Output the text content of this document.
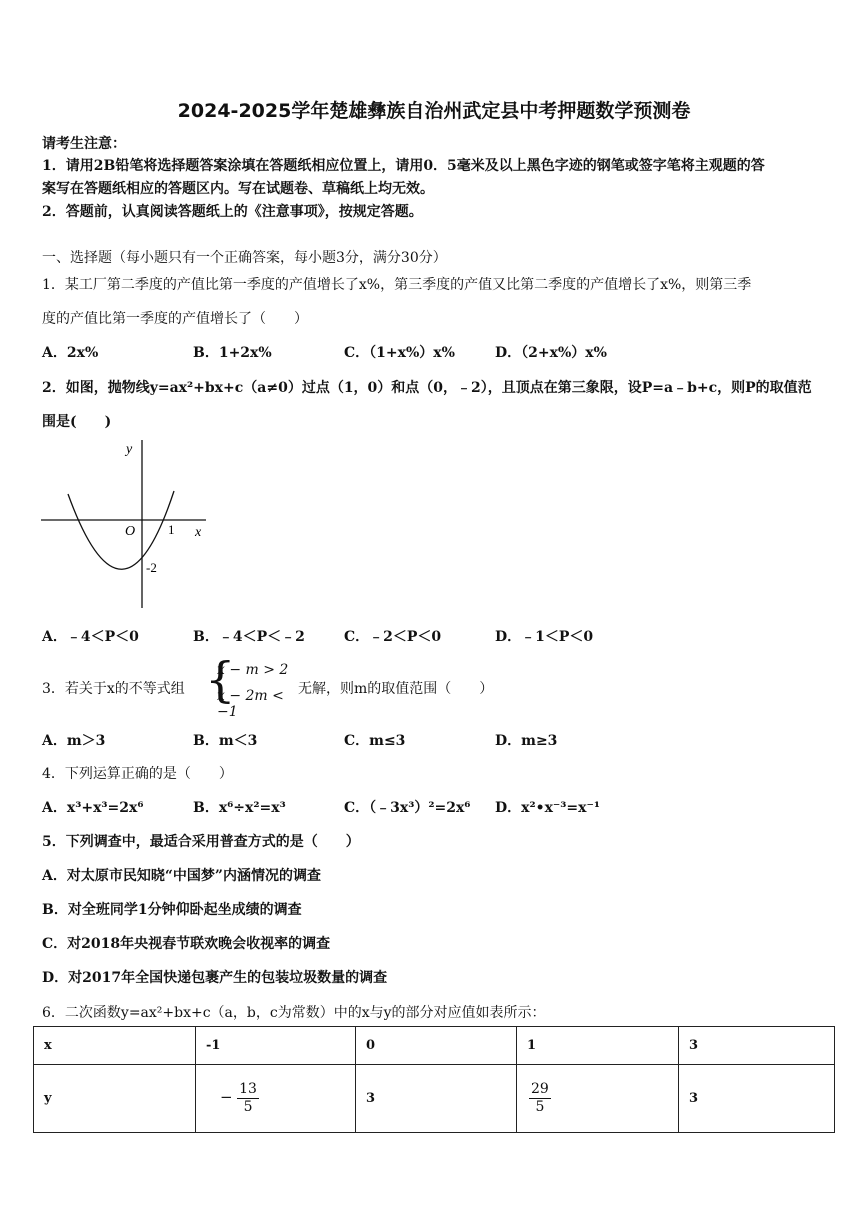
2024-2025学年楚雄彝族自治州武定县中考押题数学预测卷
请考生注意：
1．请用2B铅笔将选择题答案涂填在答题纸相应位置上，请用0．5毫米及以上黑色字迹的钢笔或签字笔将主观题的答
案写在答题纸相应的答题区内。写在试题卷、草稿纸上均无效。
2．答题前，认真阅读答题纸上的《注意事项》，按规定答题。
一、选择题（每小题只有一个正确答案，每小题3分，满分30分）
1．某工厂第二季度的产值比第一季度的产值增长了x%，第三季度的产值又比第二季度的产值增长了x%，则第三季
度的产值比第一季度的产值增长了（　　）
A．2x%	B．1+2x%	C．（1+x%）x%	D．（2+x%）x%
2．如图，抛物线y=ax²+bx+c（a≠0）过点（1，0）和点（0，﹣2），且顶点在第三象限，设P=a﹣b+c，则P的取值范
围是(　　)
y
x
O	1
-2
A．﹣4＜P＜0	B．﹣4＜P＜﹣2	C．﹣2＜P＜0	D．﹣1＜P＜0
3．若关于x的不等式组 {
x − m > 2
x − 2m < −1
无解，则m的取值范围（　　）
A．m＞3	B．m＜3	C．m≤3	D．m≥3
4．下列运算正确的是（　　）
A．x³+x³=2x⁶	B．x⁶÷x²=x³	C．（﹣3x³）²=2x⁶ D．x²•x⁻³=x⁻¹
5．下列调查中，最适合采用普查方式的是（　　）
A．对太原市民知晓“中国梦”内涵情况的调查
B．对全班同学1分钟仰卧起坐成绩的调查
C．对2018年央视春节联欢晚会收视率的调查
D．对2017年全国快递包裹产生的包装垃圾数量的调查
6．二次函数y=ax²+bx+c（a，b，c为常数）中的x与y的部分对应值如表所示：
x	-1	0	1	3
y	− $\frac{13}{5}$	3	$\frac{29}{5}$	3
